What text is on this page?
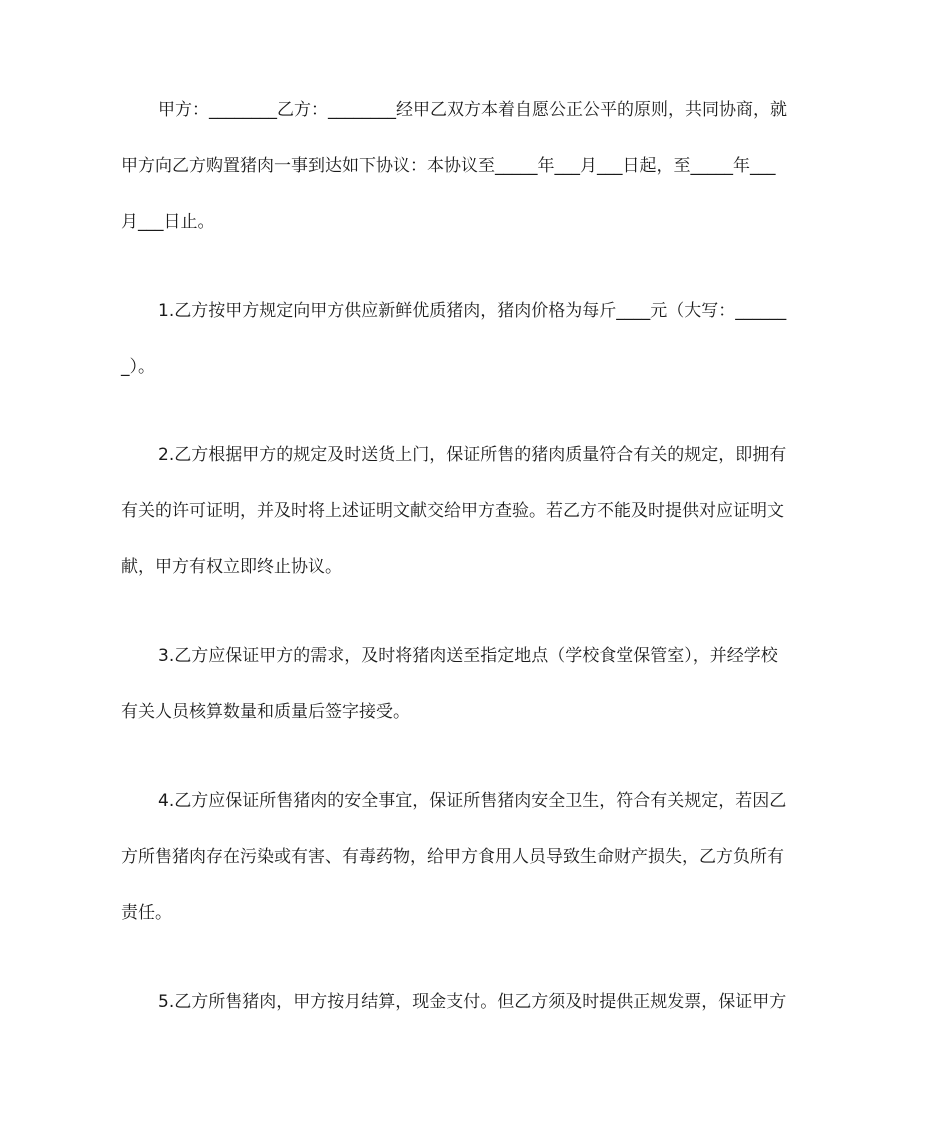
甲方：________乙方：________经甲乙双方本着自愿公正公平的原则，共同协商，就

甲方向乙方购置猪肉一事到达如下协议：本协议至_____年___月___日起，至_____年___

月___日止。

1.乙方按甲方规定向甲方供应新鲜优质猪肉，猪肉价格为每斤____元（大写：______

_）。

2.乙方根据甲方的规定及时送货上门，保证所售的猪肉质量符合有关的规定，即拥有

有关的许可证明，并及时将上述证明文献交给甲方查验。若乙方不能及时提供对应证明文

献，甲方有权立即终止协议。

3.乙方应保证甲方的需求，及时将猪肉送至指定地点（学校食堂保管室），并经学校

有关人员核算数量和质量后签字接受。

4.乙方应保证所售猪肉的安全事宜，保证所售猪肉安全卫生，符合有关规定，若因乙

方所售猪肉存在污染或有害、有毒药物，给甲方食用人员导致生命财产损失，乙方负所有

责任。

5.乙方所售猪肉，甲方按月结算，现金支付。但乙方须及时提供正规发票，保证甲方
